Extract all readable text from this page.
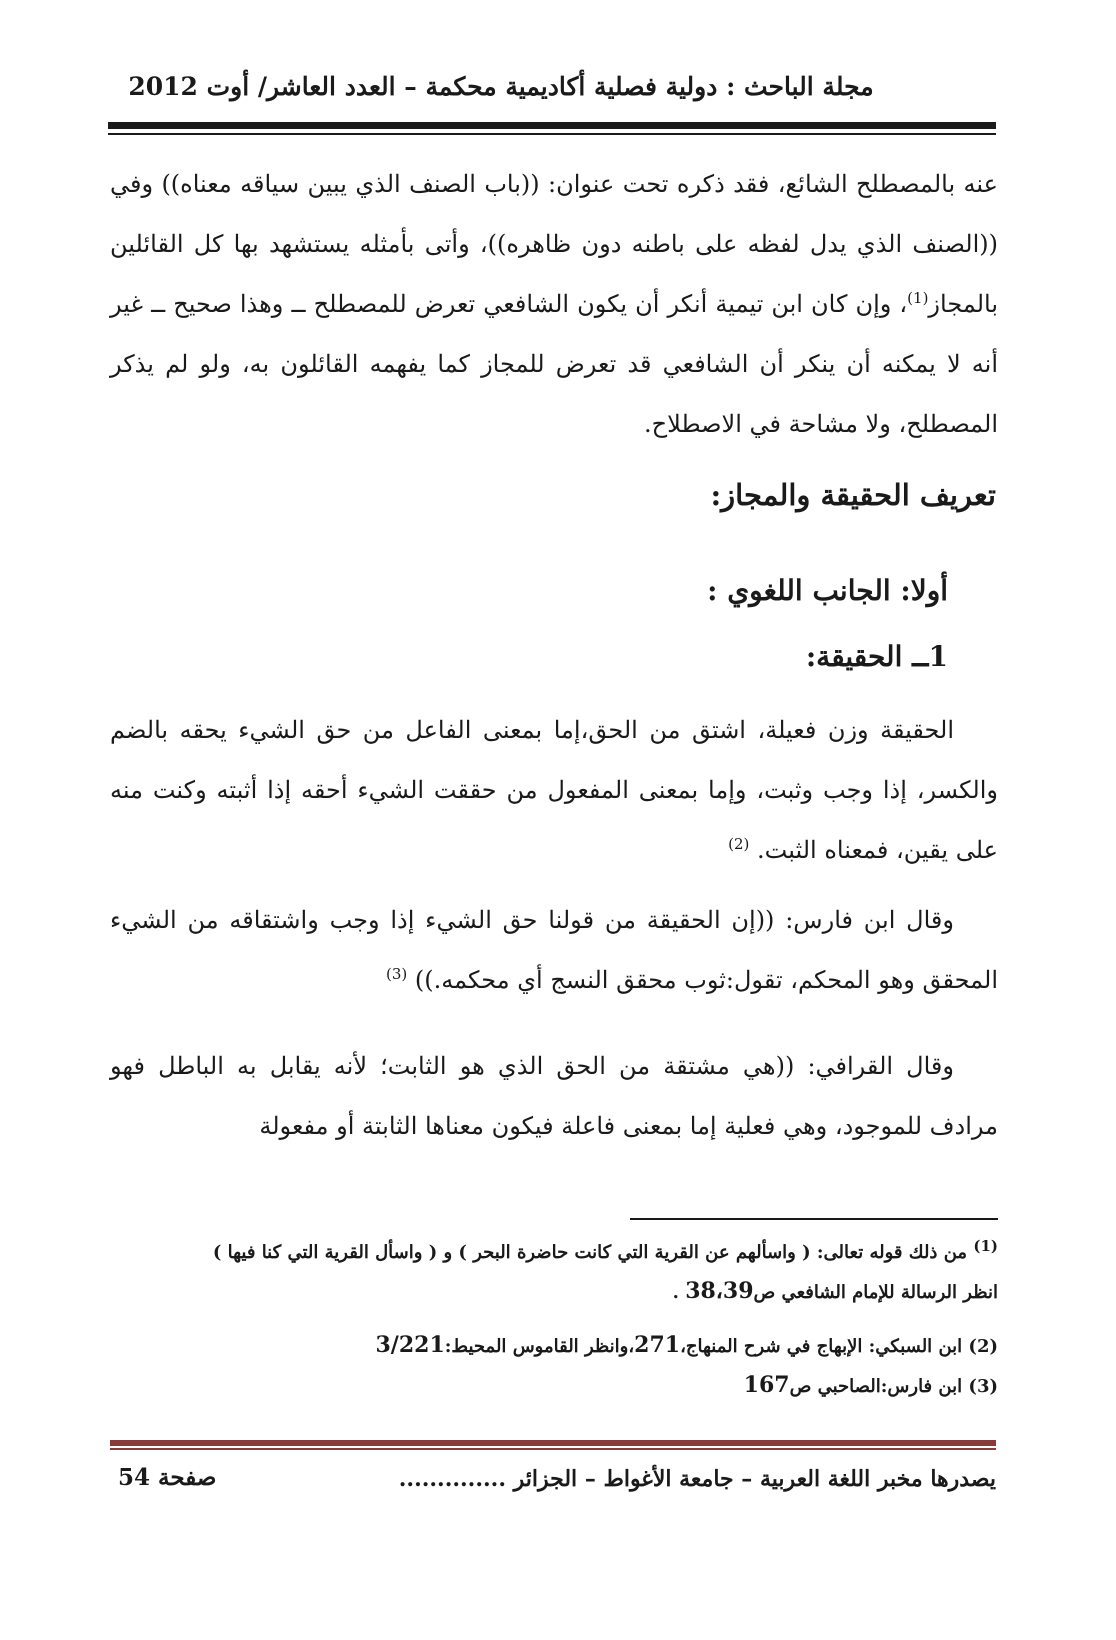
مجلة الباحث : دولية فصلية أكاديمية محكمة – العدد العاشر/ أوت 2012

عنه بالمصطلح الشائع، فقد ذكره تحت عنوان: ((باب الصنف الذي يبين سياقه معناه)) وفي ((الصنف الذي يدل لفظه على باطنه دون ظاهره))، وأتى بأمثله يستشهد بها كل القائلين بالمجاز$^{(1)}$، وإن كان ابن تيمية أنكر أن يكون الشافعي تعرض للمصطلح ــ وهذا صحيح ــ غير أنه لا يمكنه أن ينكر أن الشافعي قد تعرض للمجاز كما يفهمه القائلون به، ولو لم يذكر المصطلح، ولا مشاحة في الاصطلاح.

تعريف الحقيقة والمجاز:
أولا: الجانب اللغوي :
1ــ الحقيقة:

الحقيقة وزن فعيلة، اشتق من الحق،إما بمعنى الفاعل من حق الشيء يحقه بالضم والكسر، إذا وجب وثبت، وإما بمعنى المفعول من حققت الشيء أحقه إذا أثبته وكنت منه على يقين، فمعناه الثبت. $^{(2)}$

وقال ابن فارس: ((إن الحقيقة من قولنا حق الشيء إذا وجب واشتقاقه من الشيء المحقق وهو المحكم، تقول:ثوب محقق النسج أي محكمه.)) $^{(3)}$

وقال القرافي: ((هي مشتقة من الحق الذي هو الثابت؛ لأنه يقابل به الباطل فهو مرادف للموجود، وهي فعلية إما بمعنى فاعلة فيكون معناها الثابتة أو مفعولة

$^{(1)}$ من ذلك قوله تعالى: ( واسألهم عن القرية التي كانت حاضرة البحر ) و ( واسأل القرية التي كنا فيها )

انظر الرسالة للإمام الشافعي ص38،39 .

(2) ابن السبكي: الإبهاج في شرح المنهاج،271،وانظر القاموس المحيط:3/221

(3) ابن فارس:الصاحبي ص167

يصدرها مخبر اللغة العربية – جامعة الأغواط – الجزائر ..............
صفحة 54
